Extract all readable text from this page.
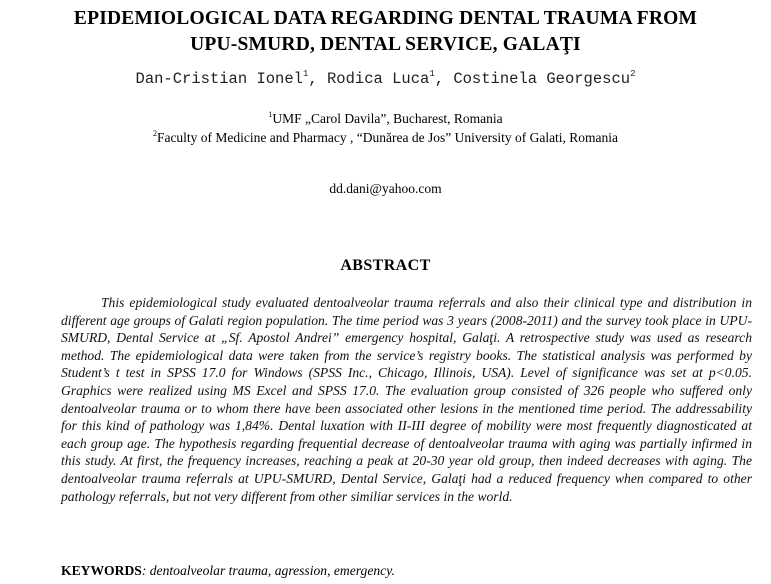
EPIDEMIOLOGICAL DATA REGARDING DENTAL TRAUMA FROM
UPU-SMURD, DENTAL SERVICE, GALAŢI
Dan-Cristian Ionel$^1$, Rodica Luca$^1$, Costinela Georgescu$^2$
$^1$UMF „Carol Davila”, Bucharest, Romania
$^2$Faculty of Medicine and Pharmacy , “Dunărea de Jos” University of Galati, Romania
dd.dani@yahoo.com
ABSTRACT
This epidemiological study evaluated dentoalveolar trauma referrals and also their clinical type and distribution in different age groups of Galati region population. The time period was 3 years (2008-2011) and the survey took place in UPU-SMURD, Dental Service at „Sf. Apostol Andrei” emergency hospital, Galaţi. A retrospective study was used as research method. The epidemiological data were taken from the service’s registry books. The statistical analysis was performed by Student’s t test in SPSS 17.0 for Windows (SPSS Inc., Chicago, Illinois, USA). Level of significance was set at p<0.05. Graphics were realized using MS Excel and SPSS 17.0. The evaluation group consisted of 326 people who suffered only dentoalveolar trauma or to whom there have been associated other lesions in the mentioned time period. The addressability for this kind of pathology was 1,84%. Dental luxation with II-III degree of mobility were most frequently diagnosticated at each group age. The hypothesis regarding frequential decrease of dentoalveolar trauma with aging was partially infirmed in this study. At first, the frequency increases, reaching a peak at 20-30 year old group, then indeed decreases with aging. The dentoalveolar trauma referrals at UPU-SMURD, Dental Service, Galaţi had a reduced frequency when compared to other pathology referrals, but not very different from other similiar services in the world.
KEYWORDS: dentoalveolar trauma, agression, emergency.
